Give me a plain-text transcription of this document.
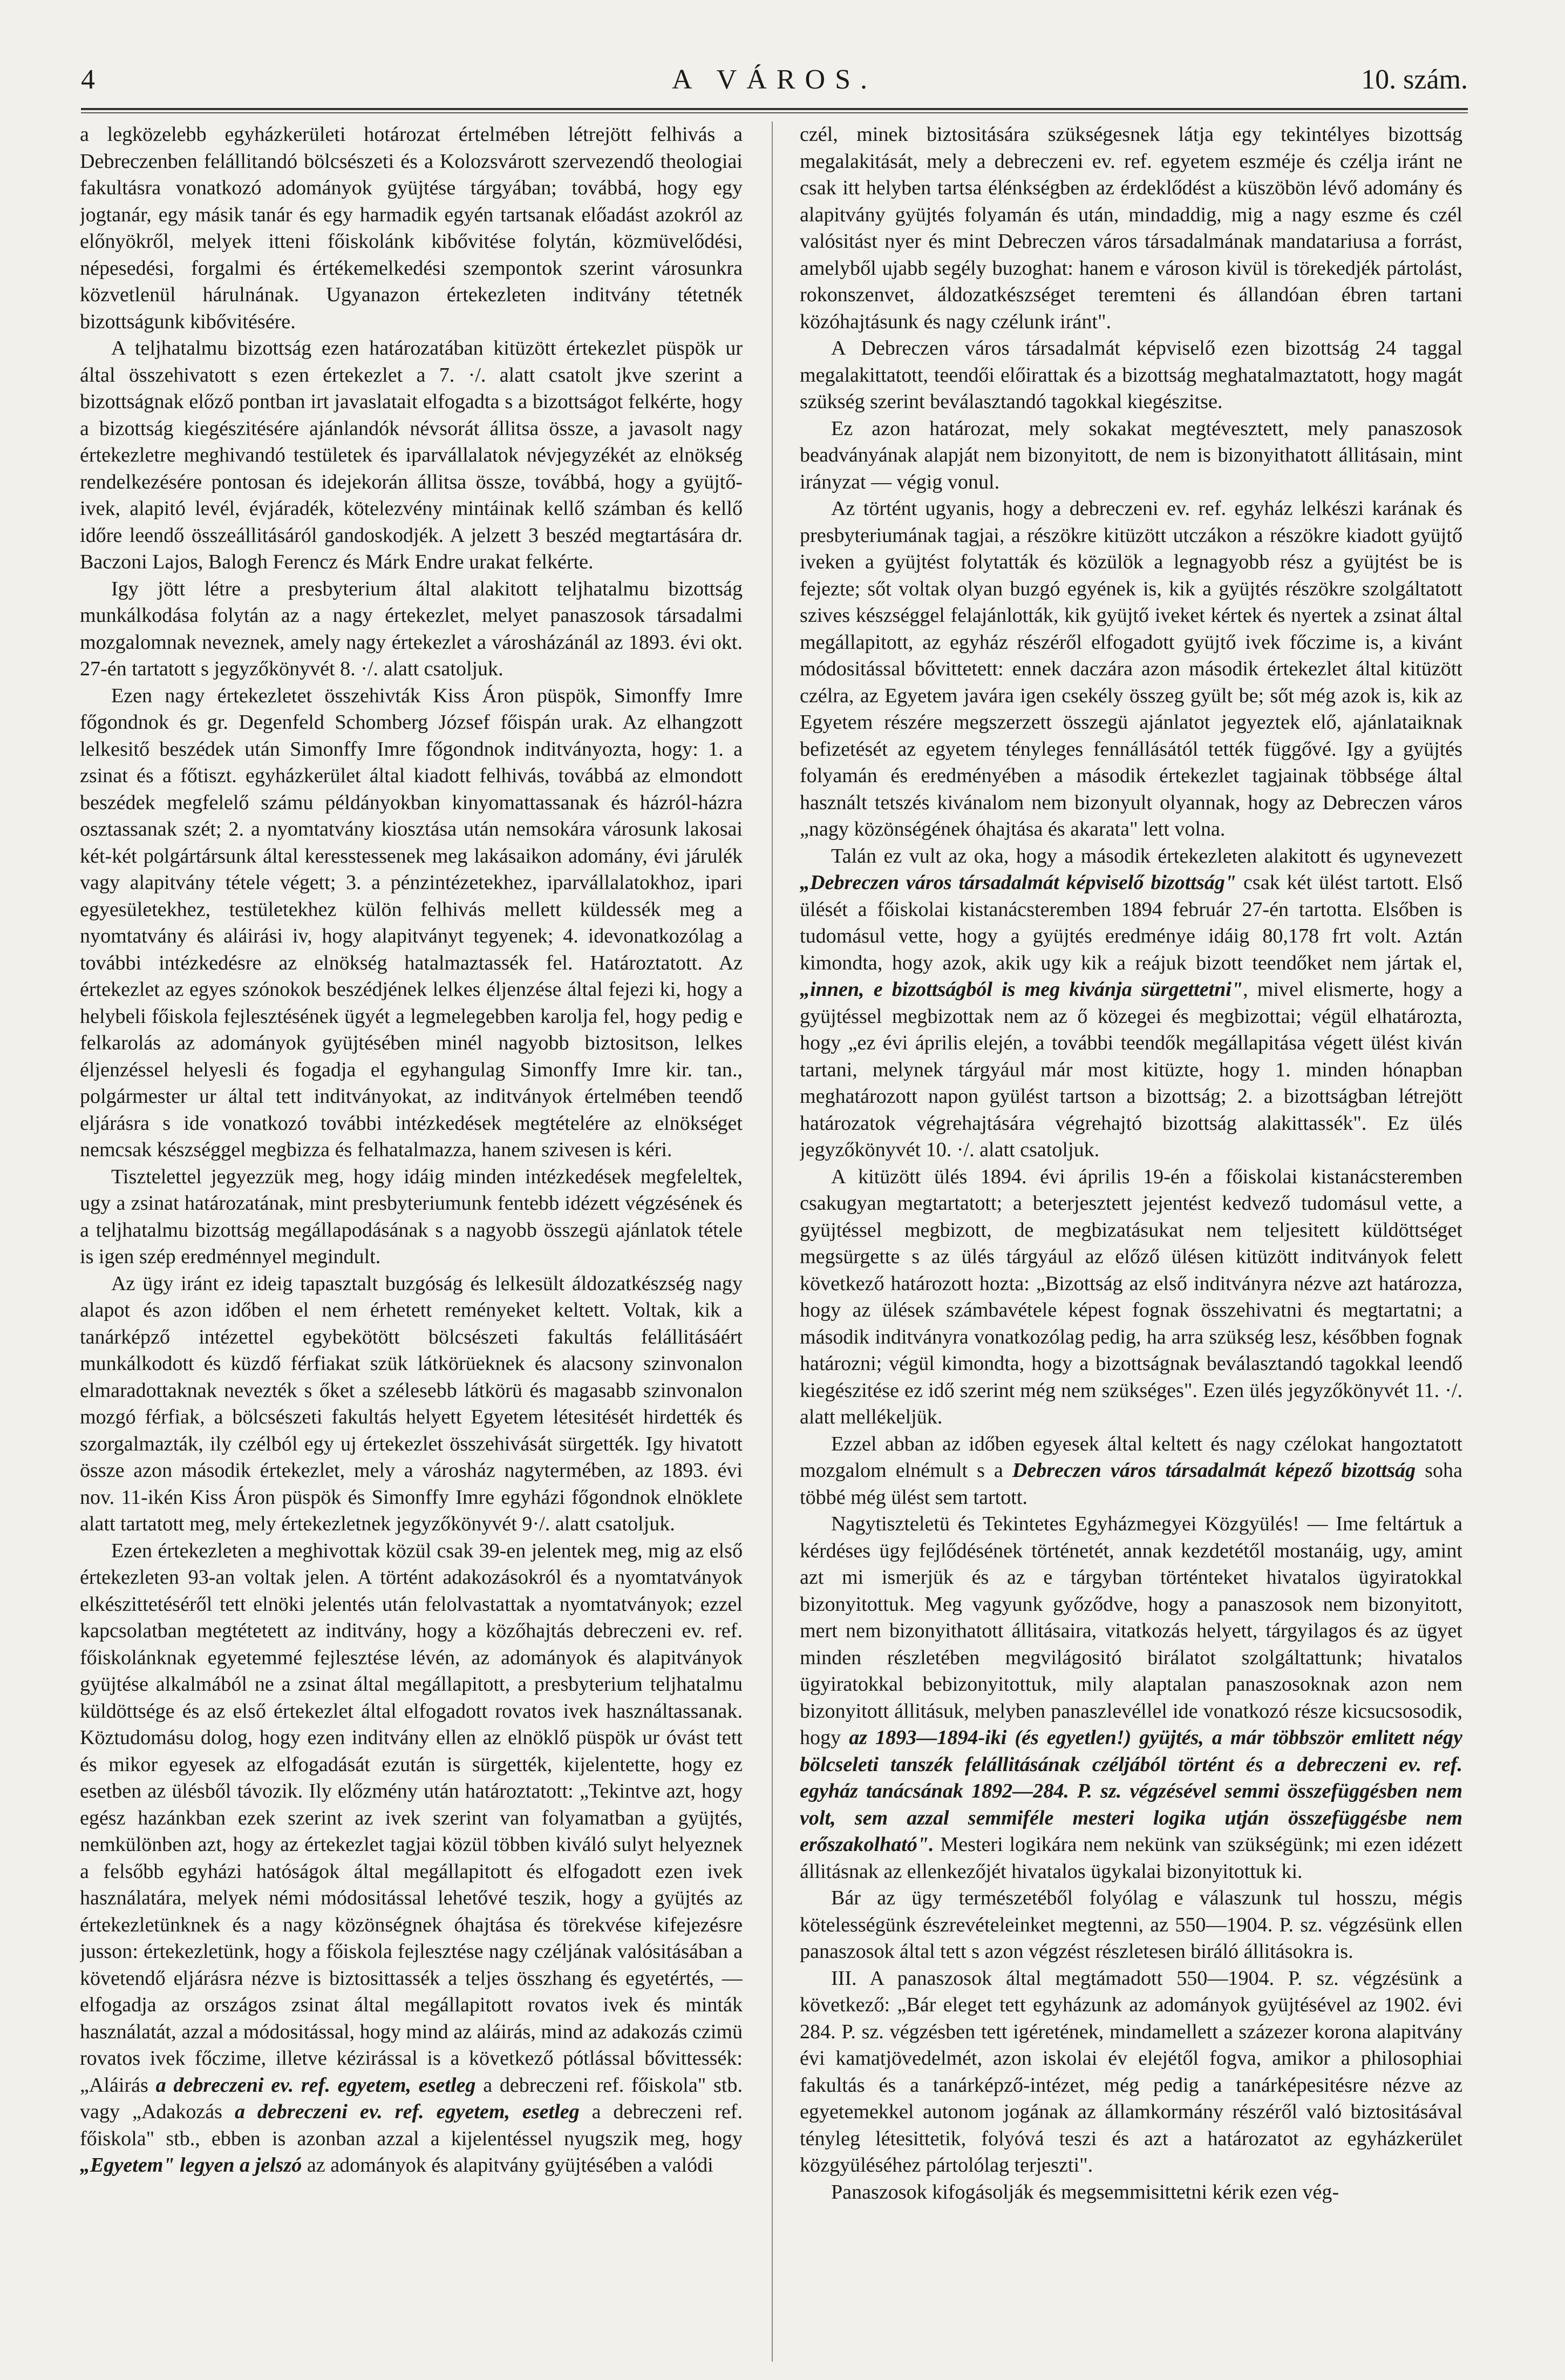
4	A VÁROS.	10. szám.

a legközelebb egyházkerületi hotározat értelmében létrejött felhivás a Debreczenben felállitandó bölcsészeti és a Kolozsvárott szervezendő theologiai fakultásra vonatkozó adományok gyüjtése tárgyában; továbbá, hogy egy jogtanár, egy másik tanár és egy harmadik egyén tartsanak előadást azokról az előnyökről, melyek itteni főiskolánk kibővitése folytán, közmüvelődési, népesedési, forgalmi és értékemelkedési szempontok szerint városunkra közvetlenül hárulnának. Ugyanazon értekezleten inditvány tétetnék bizottságunk kibővitésére.

A teljhatalmu bizottság ezen határozatában kitüzött értekezlet püspök ur által összehivatott s ezen értekezlet a 7. ·/. alatt csatolt jkve szerint a bizottságnak előző pontban irt javaslatait elfogadta s a bizottságot felkérte, hogy a bizottság kiegészitésére ajánlandók névsorát állitsa össze, a javasolt nagy értekezletre meghivandó testületek és iparvállalatok névjegyzékét az elnökség rendelkezésére pontosan és idejekorán állitsa össze, továbbá, hogy a gyüjtő-ivek, alapitó levél, évjáradék, kötelezvény mintáinak kellő számban és kellő időre leendő összeállitásáról gandoskodjék. A jelzett 3 beszéd megtartására dr. Baczoni Lajos, Balogh Ferencz és Márk Endre urakat felkérte.

Igy jött létre a presbyterium által alakitott teljhatalmu bizottság munkálkodása folytán az a nagy értekezlet, melyet panaszosok társadalmi mozgalomnak neveznek, amely nagy értekezlet a városházánál az 1893. évi okt. 27-én tartatott s jegyzőkönyvét 8. ·/. alatt csatoljuk.

Ezen nagy értekezletet összehivták Kiss Áron püspök, Simonffy Imre főgondnok és gr. Degenfeld Schomberg József főispán urak. Az elhangzott lelkesitő beszédek után Simonffy Imre főgondnok inditványozta, hogy: 1. a zsinat és a főtiszt. egyházkerület által kiadott felhivás, továbbá az elmondott beszédek megfelelő számu példányokban kinyomattassanak és házról-házra osztassanak szét; 2. a nyomtatvány kiosztása után nemsokára városunk lakosai két-két polgártársunk által keresstessenek meg lakásaikon adomány, évi járulék vagy alapitvány tétele végett; 3. a pénzintézetekhez, iparvállalatokhoz, ipari egyesületekhez, testületekhez külön felhivás mellett küldessék meg a nyomtatvány és aláirási iv, hogy alapitványt tegyenek; 4. idevonatkozólag a további intézkedésre az elnökség hatalmaztassék fel. Határoztatott. Az értekezlet az egyes szónokok beszédjének lelkes éljenzése által fejezi ki, hogy a helybeli főiskola fejlesztésének ügyét a legmelegebben karolja fel, hogy pedig e felkarolás az adományok gyüjtésében minél nagyobb biztositson, lelkes éljenzéssel helyesli és fogadja el egyhangulag Simonffy Imre kir. tan., polgármester ur által tett inditványokat, az inditványok értelmében teendő eljárásra s ide vonatkozó további intézkedések megtételére az elnökséget nemcsak készséggel megbizza és felhatalmazza, hanem szivesen is kéri.

Tisztelettel jegyezzük meg, hogy idáig minden intézkedések megfeleltek, ugy a zsinat határozatának, mint presbyteriumunk fentebb idézett végzésének és a teljhatalmu bizottság megállapodásának s a nagyobb összegü ajánlatok tétele is igen szép eredménnyel megindult.

Az ügy iránt ez ideig tapasztalt buzgóság és lelkesült áldozatkészség nagy alapot és azon időben el nem érhetett reményeket keltett. Voltak, kik a tanárképző intézettel egybekötött bölcsészeti fakultás felállitásáért munkálkodott és küzdő férfiakat szük látkörüeknek és alacsony szinvonalon elmaradottaknak nevezték s őket a szélesebb látkörü és magasabb szinvonalon mozgó férfiak, a bölcsészeti fakultás helyett Egyetem létesitését hirdették és szorgalmazták, ily czélból egy uj értekezlet összehivását sürgették. Igy hivatott össze azon második értekezlet, mely a városház nagytermében, az 1893. évi nov. 11-ikén Kiss Áron püspök és Simonffy Imre egyházi főgondnok elnöklete alatt tartatott meg, mely értekezletnek jegyzőkönyvét 9·/. alatt csatoljuk.

Ezen értekezleten a meghivottak közül csak 39-en jelentek meg, mig az első értekezleten 93-an voltak jelen. A történt adakozásokról és a nyomtatványok elkészittetéséről tett elnöki jelentés után felolvastattak a nyomtatványok; ezzel kapcsolatban megtétetett az inditvány, hogy a közőhajtás debreczeni ev. ref. főiskolánknak egyetemmé fejlesztése lévén, az adományok és alapitványok gyüjtése alkalmából ne a zsinat által megállapitott, a presbyterium teljhatalmu küldöttsége és az első értekezlet által elfogadott rovatos ivek használtassanak. Köztudomásu dolog, hogy ezen inditvány ellen az elnöklő püspök ur óvást tett és mikor egyesek az elfogadását ezután is sürgették, kijelentette, hogy ez esetben az ülésből távozik. Ily előzmény után határoztatott: „Tekintve azt, hogy egész hazánkban ezek szerint az ivek szerint van folyamatban a gyüjtés, nemkülönben azt, hogy az értekezlet tagjai közül többen kiváló sulyt helyeznek a felsőbb egyházi hatóságok által megállapitott és elfogadott ezen ivek használatára, melyek némi módositással lehetővé teszik, hogy a gyüjtés az értekezletünknek és a nagy közönségnek óhajtása és törekvése kifejezésre jusson: értekezletünk, hogy a főiskola fejlesztése nagy czéljának valósitásában a követendő eljárásra nézve is biztosittassék a teljes összhang és egyetértés, — elfogadja az országos zsinat által megállapitott rovatos ivek és minták használatát, azzal a módositással, hogy mind az aláirás, mind az adakozás czimü rovatos ivek főczime, illetve kézirással is a következő pótlással bővittessék: „Aláirás a debreczeni ev. ref. egyetem, esetleg a debreczeni ref. főiskola" stb. vagy „Adakozás a debreczeni ev. ref. egyetem, esetleg a debreczeni ref. főiskola" stb., ebben is azonban azzal a kijelentéssel nyugszik meg, hogy „Egyetem" legyen a jelszó az adományok és alapitvány gyüjtésében a valódi

czél, minek biztositására szükségesnek látja egy tekintélyes bizottság megalakitását, mely a debreczeni ev. ref. egyetem eszméje és czélja iránt ne csak itt helyben tartsa élénkségben az érdeklődést a küszöbön lévő adomány és alapitvány gyüjtés folyamán és után, mindaddig, mig a nagy eszme és czél valósitást nyer és mint Debreczen város társadalmának mandatariusa a forrást, amelyből ujabb segély buzoghat: hanem e városon kivül is törekedjék pártolást, rokonszenvet, áldozatkészséget teremteni és állandóan ébren tartani közóhajtásunk és nagy czélunk iránt".

A Debreczen város társadalmát képviselő ezen bizottság 24 taggal megalakittatott, teendői előirattak és a bizottság meghatalmaztatott, hogy magát szükség szerint beválasztandó tagokkal kiegészitse.

Ez azon határozat, mely sokakat megtévesztett, mely panaszosok beadványának alapját nem bizonyitott, de nem is bizonyithatott állitásain, mint irányzat — végig vonul.

Az történt ugyanis, hogy a debreczeni ev. ref. egyház lelkészi karának és presbyteriumának tagjai, a részökre kitüzött utczákon a részökre kiadott gyüjtő iveken a gyüjtést folytatták és közülök a legnagyobb rész a gyüjtést be is fejezte; sőt voltak olyan buzgó egyének is, kik a gyüjtés részökre szolgáltatott szives készséggel felajánlották, kik gyüjtő iveket kértek és nyertek a zsinat által megállapitott, az egyház részéről elfogadott gyüjtő ivek főczime is, a kivánt módositással bővittetett: ennek daczára azon második értekezlet által kitüzött czélra, az Egyetem javára igen csekély összeg gyült be; sőt még azok is, kik az Egyetem részére megszerzett összegü ajánlatot jegyeztek elő, ajánlataiknak befizetését az egyetem tényleges fennállásától tették függővé. Igy a gyüjtés folyamán és eredményében a második értekezlet tagjainak többsége által használt tetszés kivánalom nem bizonyult olyannak, hogy az Debreczen város „nagy közönségének óhajtása és akarata" lett volna.

Talán ez vult az oka, hogy a második értekezleten alakitott és ugynevezett „Debreczen város társadalmát képviselő bizottság" csak két ülést tartott. Első ülését a főiskolai kistanácsteremben 1894 február 27-én tartotta. Elsőben is tudomásul vette, hogy a gyüjtés eredménye idáig 80,178 frt volt. Aztán kimondta, hogy azok, akik ugy kik a reájuk bizott teendőket nem jártak el, „innen, e bizottságból is meg kivánja sürgettetni", mivel elismerte, hogy a gyüjtéssel megbizottak nem az ő közegei és megbizottai; végül elhatározta, hogy „ez évi április elején, a további teendők megállapitása végett ülést kiván tartani, melynek tárgyául már most kitüzte, hogy 1. minden hónapban meghatározott napon gyülést tartson a bizottság; 2. a bizottságban létrejött határozatok végrehajtására végrehajtó bizottság alakittassék". Ez ülés jegyzőkönyvét 10. ·/. alatt csatoljuk.

A kitüzött ülés 1894. évi április 19-én a főiskolai kistanácsteremben csakugyan megtartatott; a beterjesztett jejentést kedvező tudomásul vette, a gyüjtéssel megbizott, de megbizatásukat nem teljesitett küldöttséget megsürgette s az ülés tárgyául az előző ülésen kitüzött inditványok felett következő határozott hozta: „Bizottság az első inditványra nézve azt határozza, hogy az ülések számbavétele képest fognak összehivatni és megtartatni; a második inditványra vonatkozólag pedig, ha arra szükség lesz, későbben fognak határozni; végül kimondta, hogy a bizottságnak beválasztandó tagokkal leendő kiegészitése ez idő szerint még nem szükséges". Ezen ülés jegyzőkönyvét 11. ·/. alatt mellékeljük.

Ezzel abban az időben egyesek által keltett és nagy czélokat hangoztatott mozgalom elnémult s a Debreczen város társadalmát képező bizottság soha többé még ülést sem tartott.

Nagytiszteletü és Tekintetes Egyházmegyei Közgyülés! — Ime feltártuk a kérdéses ügy fejlődésének történetét, annak kezdetétől mostanáig, ugy, amint azt mi ismerjük és az e tárgyban történteket hivatalos ügyiratokkal bizonyitottuk. Meg vagyunk győződve, hogy a panaszosok nem bizonyitott, mert nem bizonyithatott állitásaira, vitatkozás helyett, tárgyilagos és az ügyet minden részletében megvilágositó birálatot szolgáltattunk; hivatalos ügyiratokkal bebizonyitottuk, mily alaptalan panaszosoknak azon nem bizonyitott állitásuk, melyben panaszlevéllel ide vonatkozó része kicsucsosodik, hogy az 1893—1894-iki (és egyetlen!) gyüjtés, a már többször emlitett négy bölcseleti tanszék felállitásának czéljából történt és a debreczeni ev. ref. egyház tanácsának 1892—284. P. sz. végzésével semmi összefüggésben nem volt, sem azzal semmiféle mesteri logika utján összefüggésbe nem erőszakolható". Mesteri logikára nem nekünk van szükségünk; mi ezen idézett állitásnak az ellenkezőjét hivatalos ügykalai bizonyitottuk ki.

Bár az ügy természetéből folyólag e válaszunk tul hosszu, mégis kötelességünk észrevételeinket megtenni, az 550—1904. P. sz. végzésünk ellen panaszosok által tett s azon végzést részletesen biráló állitásokra is.

III. A panaszosok által megtámadott 550—1904. P. sz. végzésünk a következő: „Bár eleget tett egyházunk az adományok gyüjtésével az 1902. évi 284. P. sz. végzésben tett igéretének, mindamellett a százezer korona alapitvány évi kamatjövedelmét, azon iskolai év elejétől fogva, amikor a philosophiai fakultás és a tanárképző-intézet, még pedig a tanárképesitésre nézve az egyetemekkel autonom jogának az államkormány részéről való biztositásával tényleg létesittetik, folyóvá teszi és azt a határozatot az egyházkerület közgyüléséhez pártolólag terjeszti".

Panaszosok kifogásolják és megsemmisittetni kérik ezen vég-
